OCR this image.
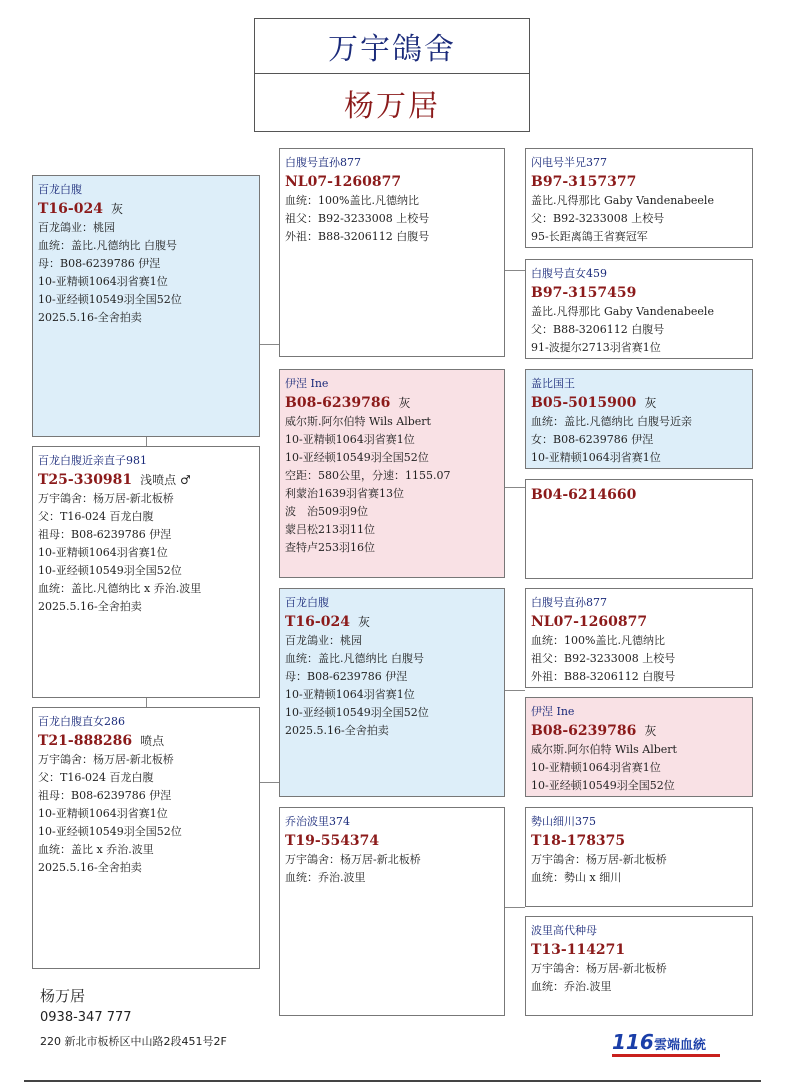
万宇鴿舍
杨万居
百龙白腹
T16-024 灰
百龙鴿业：桃园
血统：盖比.凡德纳比 白腹号
母：B08-6239786 伊涅
10-亚精顿1064羽省赛1位
10-亚经顿10549羽全国52位
2025.5.16-全舍拍卖
百龙白腹近亲直子981
T25-330981 浅喷点 ♂
万宇鴿舍：杨万居-新北板桥
父：T16-024 百龙白腹
祖母：B08-6239786 伊涅
10-亚精顿1064羽省赛1位
10-亚经顿10549羽全国52位
血统：盖比.凡德纳比 x 乔治.波里
2025.5.16-全舍拍卖
百龙白腹直女286
T21-888286 喷点
万宇鴿舍：杨万居-新北板桥
父：T16-024 百龙白腹
祖母：B08-6239786 伊涅
10-亚精顿1064羽省赛1位
10-亚经顿10549羽全国52位
血统：盖比 x 乔治.波里
2025.5.16-全舍拍卖
白腹号直孙877
NL07-1260877
血统：100%盖比.凡德纳比
祖父：B92-3233008 上校号
外祖：B88-3206112 白腹号
伊涅 Ine
B08-6239786 灰
威尔斯.阿尔伯特 Wils Albert
10-亚精顿1064羽省赛1位
10-亚经顿10549羽全国52位
空距：580公里，分速：1155.07
利蒙治1639羽省赛13位
波　治509羽9位
蒙吕松213羽11位
查特卢253羽16位
百龙白腹
T16-024 灰
百龙鴿业：桃园
血统：盖比.凡德纳比 白腹号
母：B08-6239786 伊涅
10-亚精顿1064羽省赛1位
10-亚经顿10549羽全国52位
2025.5.16-全舍拍卖
乔治波里374
T19-554374
万宇鴿舍：杨万居-新北板桥
血统：乔治.波里
闪电号半兄377
B97-3157377
盖比.凡得那比 Gaby Vandenabeele
父：B92-3233008 上校号
95-长距离鴿王省赛冠军
白腹号直女459
B97-3157459
盖比.凡得那比 Gaby Vandenabeele
父：B88-3206112 白腹号
91-波提尔2713羽省赛1位
盖比国王
B05-5015900 灰
血统：盖比.凡德纳比 白腹号近亲
女：B08-6239786 伊涅
10-亚精顿1064羽省赛1位
B04-6214660
白腹号直孙877
NL07-1260877
血统：100%盖比.凡德纳比
祖父：B92-3233008 上校号
外祖：B88-3206112 白腹号
伊涅 Ine
B08-6239786 灰
威尔斯.阿尔伯特 Wils Albert
10-亚精顿1064羽省赛1位
10-亚经顿10549羽全国52位
勢山细川375
T18-178375
万宇鴿舍：杨万居-新北板桥
血统：勢山 x 细川
波里高代种母
T13-114271
万宇鴿舍：杨万居-新北板桥
血统：乔治.波里
杨万居
0938-347 777
220 新北市板桥区中山路2段451号2F	116 雲端血統
